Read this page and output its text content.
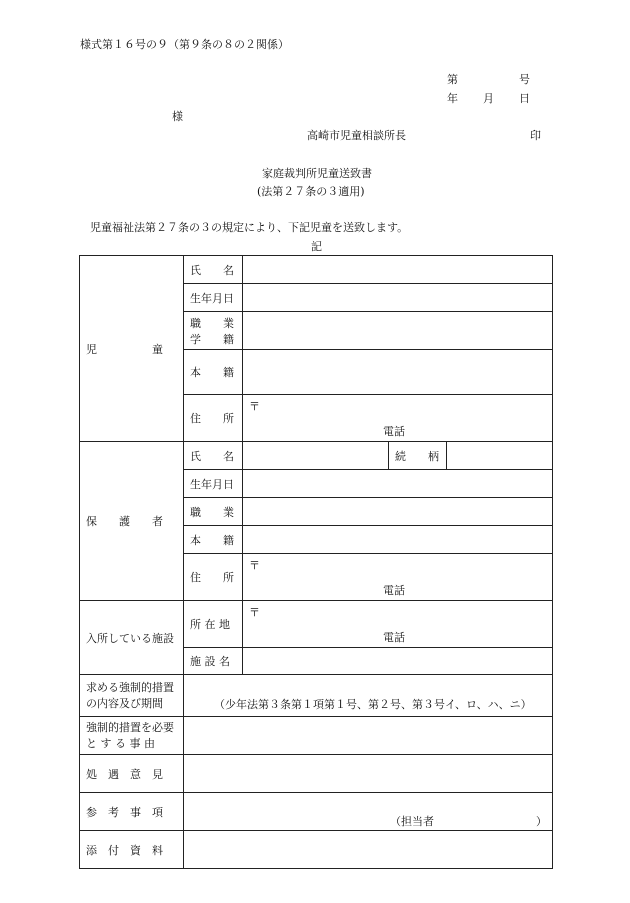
様式第１６号の９（第９条の８の２関係）
第	号
年 月 日
様
高崎市児童相談所長	印
家庭裁判所児童送致書
(法第２７条の３適用)
児童福祉法第２７条の３の規定により、下記児童を送致します。
記
児　　　　　童	氏　　名			
	生年月日			

	職　　業
学　　籍			

	本　　籍			
	住　　所	〒
電話		

保　　護　　者	氏　　名		続　　柄	
	生年月日			
	職　　業			
	本　　籍			
	住　　所	〒
電話		

入所している施設	所 在 地	〒
電話		

	施 設 名			

求める強制的措置
の内容及び期間	（少年法第３条第１項第１号、第２号、第３号イ、ロ、ハ、ニ）			

強制的措置を必要
と す る 事 由				

処　遇　意　見				
参　考　事　項	（担当者 ）			

添　付　資　料				
